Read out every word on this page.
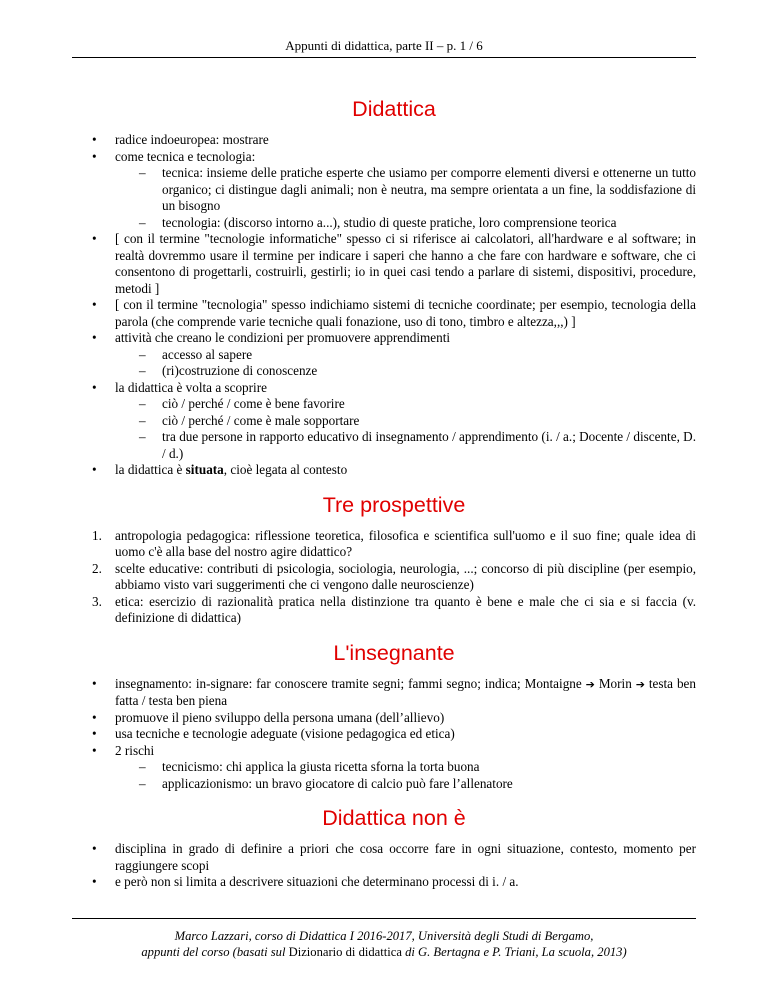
Appunti di didattica, parte II – p. 1 / 6
Didattica
• radice indoeuropea: mostrare
• come tecnica e tecnologia:
– tecnica: insieme delle pratiche esperte che usiamo per comporre elementi diversi e ottenerne un tutto organico; ci distingue dagli animali; non è neutra, ma sempre orientata a un fine, la soddisfazione di un bisogno
– tecnologia: (discorso intorno a...), studio di queste pratiche, loro comprensione teorica
• [ con il termine "tecnologie informatiche" spesso ci si riferisce ai calcolatori, all'hardware e al software; in realtà dovremmo usare il termine per indicare i saperi che hanno a che fare con hardware e software, che ci consentono di progettarli, costruirli, gestirli; io in quei casi tendo a parlare di sistemi, dispositivi, procedure, metodi ]
• [ con il termine "tecnologia" spesso indichiamo sistemi di tecniche coordinate; per esempio, tecnologia della parola (che comprende varie tecniche quali fonazione, uso di tono, timbro e altezza,,,) ]
• attività che creano le condizioni per promuovere apprendimenti
– accesso al sapere
– (ri)costruzione di conoscenze
• la didattica è volta a scoprire
– ciò / perché / come è bene favorire
– ciò / perché / come è male sopportare
– tra due persone in rapporto educativo di insegnamento / apprendimento (i. / a.; Docente / discente, D. / d.)
• la didattica è situata, cioè legata al contesto
Tre prospettive
1. antropologia pedagogica: riflessione teoretica, filosofica e scientifica sull'uomo e il suo fine; quale idea di uomo c'è alla base del nostro agire didattico?
2. scelte educative: contributi di psicologia, sociologia, neurologia, ...; concorso di più discipline (per esempio, abbiamo visto vari suggerimenti che ci vengono dalle neuroscienze)
3. etica: esercizio di razionalità pratica nella distinzione tra quanto è bene e male che ci sia e si faccia (v. definizione di didattica)
L'insegnante
• insegnamento: in-signare: far conoscere tramite segni; fammi segno; indica; Montaigne ➔ Morin ➔ testa ben fatta / testa ben piena
• promuove il pieno sviluppo della persona umana (dell’allievo)
• usa tecniche e tecnologie adeguate (visione pedagogica ed etica)
• 2 rischi
– tecnicismo: chi applica la giusta ricetta sforna la torta buona
– applicazionismo: un bravo giocatore di calcio può fare l’allenatore
Didattica non è
• disciplina in grado di definire a priori che cosa occorre fare in ogni situazione, contesto, momento per raggiungere scopi
• e però non si limita a descrivere situazioni che determinano processi di i. / a.
Marco Lazzari, corso di Didattica I 2016-2017, Università degli Studi di Bergamo,
appunti del corso (basati sul Dizionario di didattica di G. Bertagna e P. Triani, La scuola, 2013)
